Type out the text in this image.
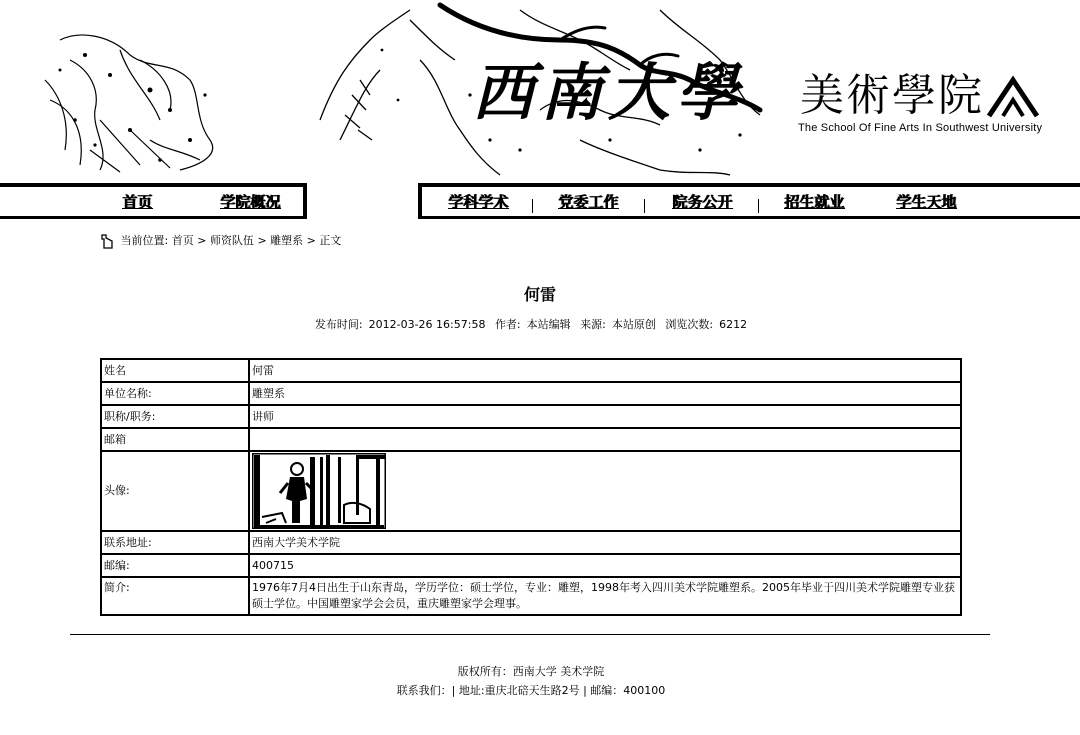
西南大學 美術學院
The School Of Fine Arts In Southwest University
首页	学院概况	学科学术	党委工作	院务公开	招生就业	学生天地
当前位置: 首页 > 师资队伍 > 雕塑系 > 正文
何雷
发布时间: 2012-03-26 16:57:58 作者: 本站编辑 来源: 本站原创 浏览次数: 6212
姓名	何雷
单位名称:	雕塑系
职称/职务:	讲师
邮箱	
头像:	

联系地址:	西南大学美术学院
邮编:	400715
简介:	1976年7月4日出生于山东青岛，学历学位：硕士学位，专业：雕塑，1998年考入四川美术学院雕塑系。2005年毕业于四川美术学院雕塑专业获硕士学位。中国雕塑家学会会员，重庆雕塑家学会理事。
版权所有：西南大学 美术学院
联系我们：| 地址:重庆北碚天生路2号 | 邮编：400100
